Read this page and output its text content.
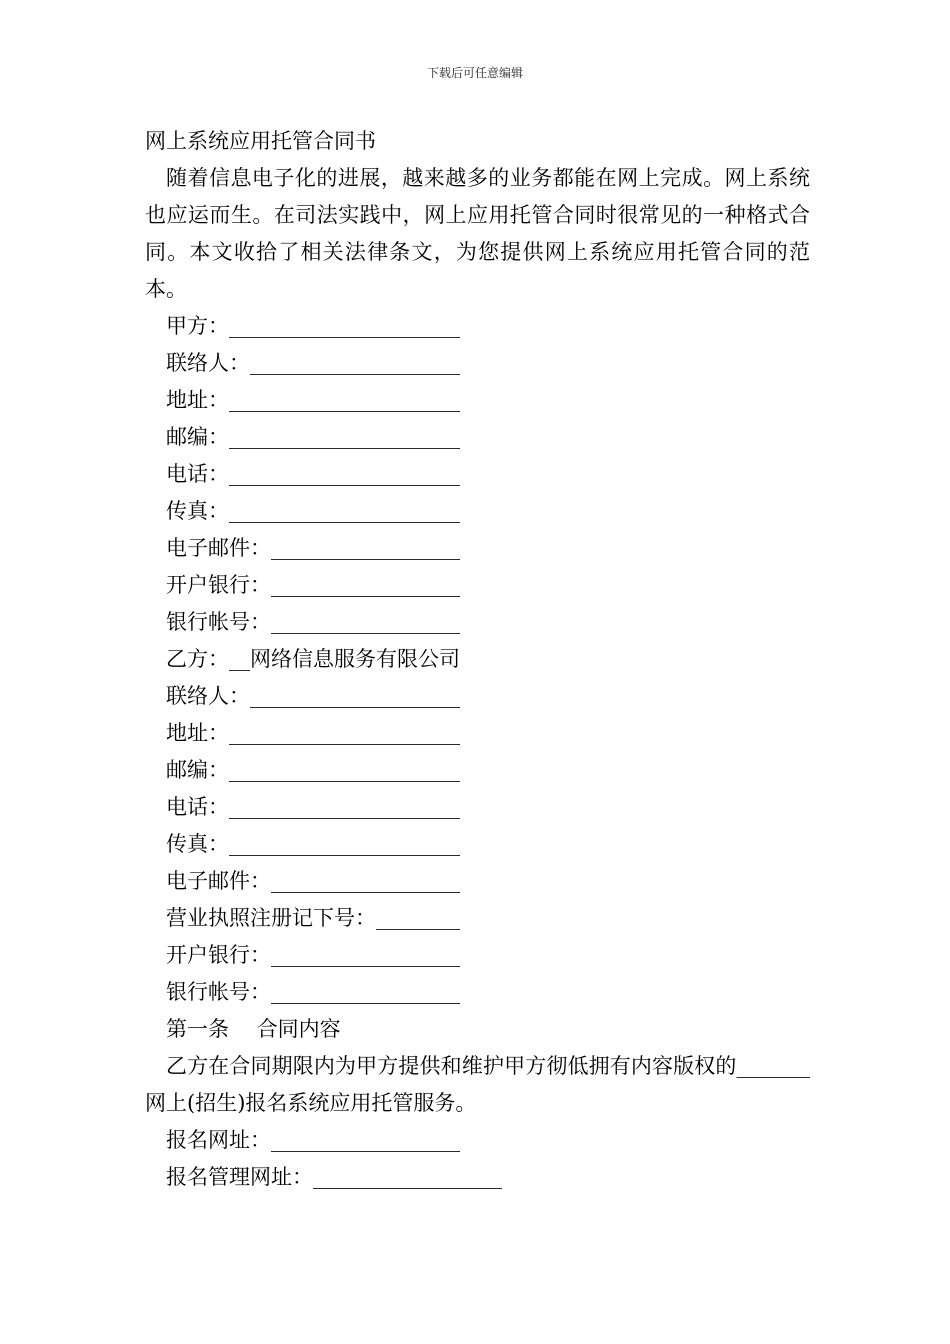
下载后可任意编辑
网上系统应用托管合同书
随着信息电子化的进展，越来越多的业务都能在网上完成。网上系统也应运而生。在司法实践中，网上应用托管合同时很常见的一种格式合同。本文收拾了相关法律条文，为您提供网上系统应用托管合同的范本。
甲方：______________________
联络人：____________________
地址：______________________
邮编：______________________
电话：______________________
传真：______________________
电子邮件：__________________
开户银行：__________________
银行帐号：__________________
乙方：__网络信息服务有限公司
联络人：____________________
地址：______________________
邮编：______________________
电话：______________________
传真：______________________
电子邮件：__________________
营业执照注册记下号：________
开户银行：__________________
银行帐号：__________________
第一条　 合同内容
乙方在合同期限内为甲方提供和维护甲方彻低拥有内容版权的_______网上(招生)报名系统应用托管服务。
报名网址：__________________
报名管理网址：__________________
